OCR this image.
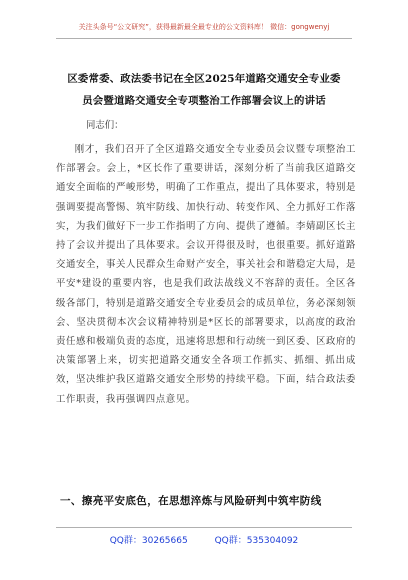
关注头条号“公文研究”，获得最新最全最专业的公文资料库！ 微信：gongwenyj
区委常委、政法委书记在全区2025年道路交通安全专业委
员会暨道路交通安全专项整治工作部署会议上的讲话
同志们：

刚才，我们召开了全区道路交通安全专业委员会议暨专项整治工作部署会。会上，*区长作了重要讲话，深刻分析了当前我区道路交通安全面临的严峻形势，明确了工作重点，提出了具体要求，特别是强调要提高警惕、筑牢防线、加快行动、转变作风、全力抓好工作落实，为我们做好下一步工作指明了方向、提供了遵循。李婧副区长主持了会议并提出了具体要求。会议开得很及时，也很重要。抓好道路交通安全，事关人民群众生命财产安全，事关社会和谐稳定大局，是平安*建设的重要内容，也是我们政法战线义不容辞的责任。全区各级各部门，特别是道路交通安全专业委员会的成员单位，务必深刻领会、坚决贯彻本次会议精神特别是*区长的部署要求，以高度的政治责任感和极端负责的态度，迅速将思想和行动统一到区委、区政府的决策部署上来，切实把道路交通安全各项工作抓实、抓细、抓出成效，坚决维护我区道路交通安全形势的持续平稳。下面，结合政法委工作职责，我再强调四点意见。

一、擦亮平安底色，在思想淬炼与风险研判中筑牢防线
QQ群：30265665	QQ群：535304092
